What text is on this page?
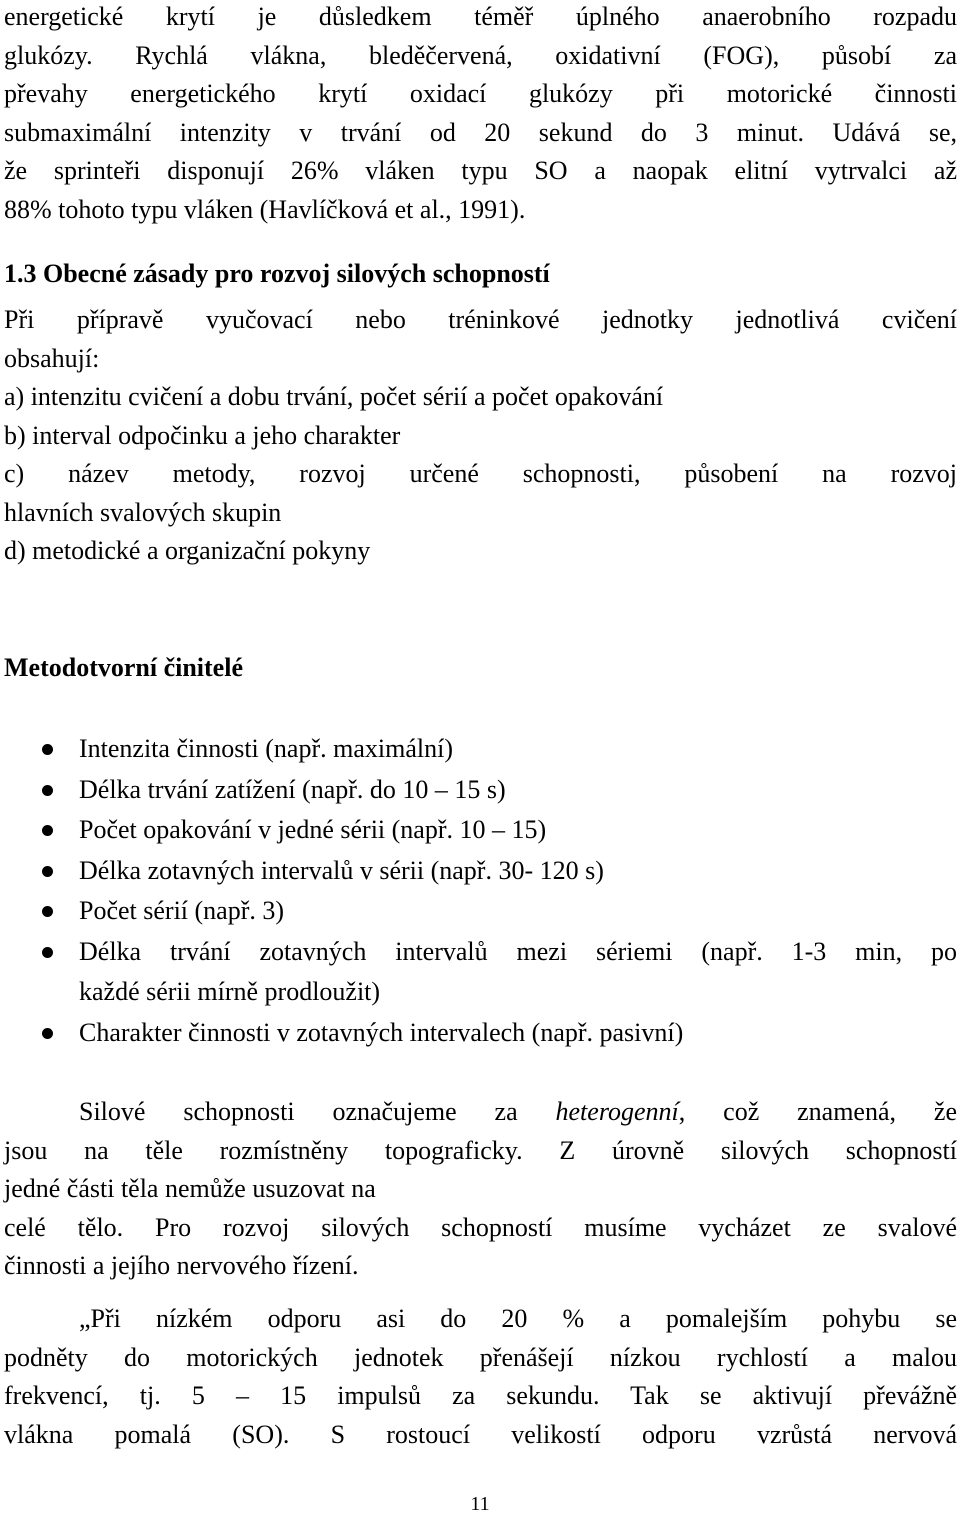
energetické krytí je důsledkem téměř úplného anaerobního rozpadu
glukózy. Rychlá vlákna, bleděčervená, oxidativní (FOG), působí za
převahy energetického krytí oxidací glukózy při motorické činnosti
submaximální intenzity v trvání od 20 sekund do 3 minut. Udává se,
že sprinteři disponují 26% vláken typu SO a naopak elitní vytrvalci až
88% tohoto typu vláken (Havlíčková et al., 1991).
1.3 Obecné zásady pro rozvoj silových schopností
Při přípravě vyučovací nebo tréninkové jednotky jednotlivá cvičení
obsahují:
a) intenzitu cvičení a dobu trvání, počet sérií a počet opakování
b) interval odpočinku a jeho charakter
c) název metody, rozvoj určené schopnosti, působení na rozvoj
hlavních svalových skupin
d) metodické a organizační pokyny
Metodotvorní činitelé
Intenzita činnosti (např. maximální)
Délka trvání zatížení (např. do 10 – 15 s)
Počet opakování v jedné sérii (např. 10 – 15)
Délka zotavných intervalů v sérii (např. 30- 120 s)
Počet sérií (např. 3)
Délka trvání zotavných intervalů mezi sériemi (např. 1-3 min, po
každé sérii mírně prodloužit)
Charakter činnosti v zotavných intervalech (např. pasivní)
Silové schopnosti označujeme za heterogenní, což znamená, že
jsou na těle rozmístněny topograficky. Z úrovně silových schopností
jedné části těla nemůže usuzovat na
celé tělo. Pro rozvoj silových schopností musíme vycházet ze svalové
činnosti a jejího nervového řízení.
„Při nízkém odporu asi do 20 % a pomalejším pohybu se
podněty do motorických jednotek přenášejí nízkou rychlostí a malou
frekvencí, tj. 5 – 15 impulsů za sekundu. Tak se aktivují převážně
vlákna pomalá (SO). S rostoucí velikostí odporu vzrůstá nervová
11
